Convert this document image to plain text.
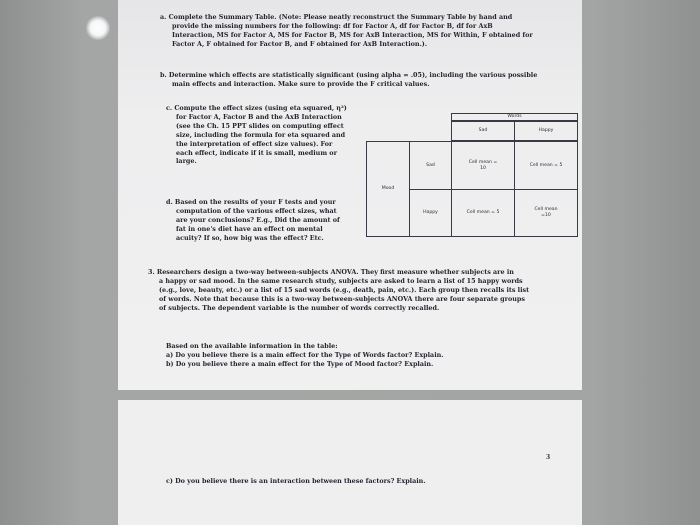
a. Complete the Summary Table. (Note: Please neatly reconstruct the Summary Table by hand and

provide the missing numbers for the following: df for Factor A, df for Factor B, df for AxB

Interaction, MS for Factor A, MS for Factor B, MS for AxB Interaction, MS for Within, F obtained for

Factor A, F obtained for Factor B, and F obtained for AxB Interaction.).

b. Determine which effects are statistically significant (using alpha = .05), including the various possible

main effects and interaction. Make sure to provide the F critical values.

c. Compute the effect sizes (using eta squared, η²)

for Factor A, Factor B and the AxB Interaction

(see the Ch. 15 PPT slides on computing effect

size, including the formula for eta squared and

the interpretation of effect size values). For

each effect, indicate if it is small, medium or

large.

d. Based on the results of your F tests and your

computation of the various effect sizes, what

are your conclusions? E.g., Did the amount of

fat in one's diet have an effect on mental

acuity? If so, how big was the effect? Etc.

Words
Sad	Happy
Mood
Sad
Happy
Cell mean = 10
Cell mean = 5
Cell mean = 5
Cell mean =10

3. Researchers design a two-way between-subjects ANOVA. They first measure whether subjects are in

a happy or sad mood. In the same research study, subjects are asked to learn a list of 15 happy words

(e.g., love, beauty, etc.) or a list of 15 sad words (e.g., death, pain, etc.). Each group then recalls its list

of words. Note that because this is a two-way between-subjects ANOVA there are four separate groups

of subjects. The dependent variable is the number of words correctly recalled.

Based on the available information in the table:

a) Do you believe there is a main effect for the Type of Words factor? Explain.

b) Do you believe there a main effect for the Type of Mood factor? Explain.

c) Do you believe there is an interaction between these factors? Explain.

3
